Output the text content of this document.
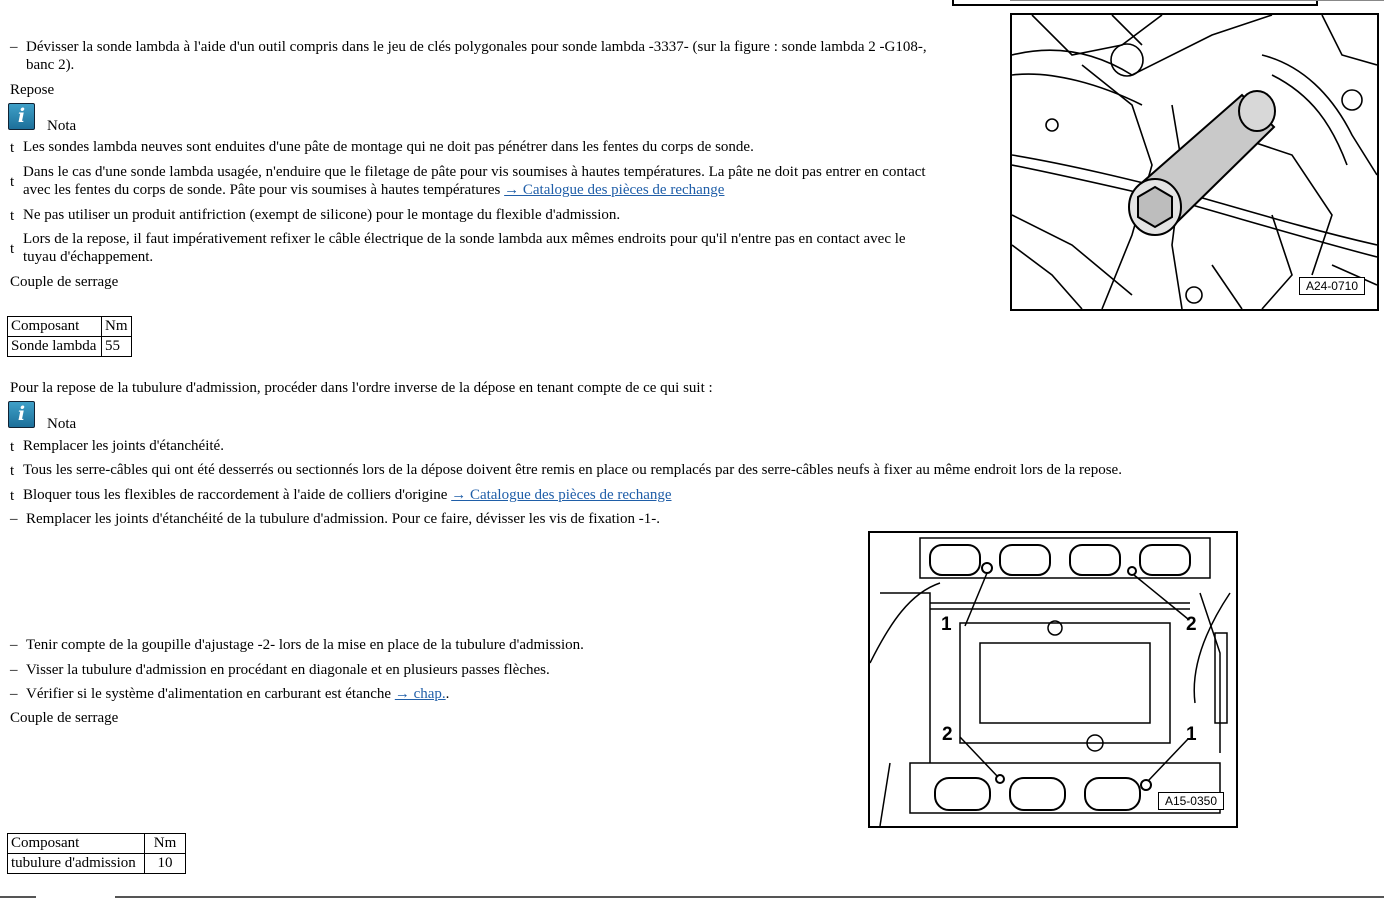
– Dévisser la sonde lambda à l'aide d'un outil compris dans le jeu de clés polygonales pour sonde lambda -3337- (sur la figure : sonde lambda 2 -G108-,
banc 2).
Repose
i
Nota
t Les sondes lambda neuves sont enduites d'une pâte de montage qui ne doit pas pénétrer dans les fentes du corps de sonde.
t
Dans le cas d'une sonde lambda usagée, n'enduire que le filetage de pâte pour vis soumises à hautes températures. La pâte ne doit pas entrer en contact
avec les fentes du corps de sonde. Pâte pour vis soumises à hautes températures → Catalogue des pièces de rechange
t Ne pas utiliser un produit antifriction (exempt de silicone) pour le montage du flexible d'admission.
t
Lors de la repose, il faut impérativement refixer le câble électrique de la sonde lambda aux mêmes endroits pour qu'il n'entre pas en contact avec le
tuyau d'échappement.
Couple de serrage
Composant	Nm
Sonde lambda	55
Pour la repose de la tubulure d'admission, procéder dans l'ordre inverse de la dépose en tenant compte de ce qui suit :
i
Nota
t Remplacer les joints d'étanchéité.
t Tous les serre-câbles qui ont été desserrés ou sectionnés lors de la dépose doivent être remis en place ou remplacés par des serre-câbles neufs à fixer au même endroit lors de la repose.
t Bloquer tous les flexibles de raccordement à l'aide de colliers d'origine → Catalogue des pièces de rechange
– Remplacer les joints d'étanchéité de la tubulure d'admission. Pour ce faire, dévisser les vis de fixation -1-.
– Tenir compte de la goupille d'ajustage -2- lors de la mise en place de la tubulure d'admission.
– Visser la tubulure d'admission en procédant en diagonale et en plusieurs passes flèches.
– Vérifier si le système d'alimentation en carburant est étanche → chap..
Couple de serrage
Composant	Nm
tubulure d'admission	10
A24-0710
1	2
2	1
A15-0350
